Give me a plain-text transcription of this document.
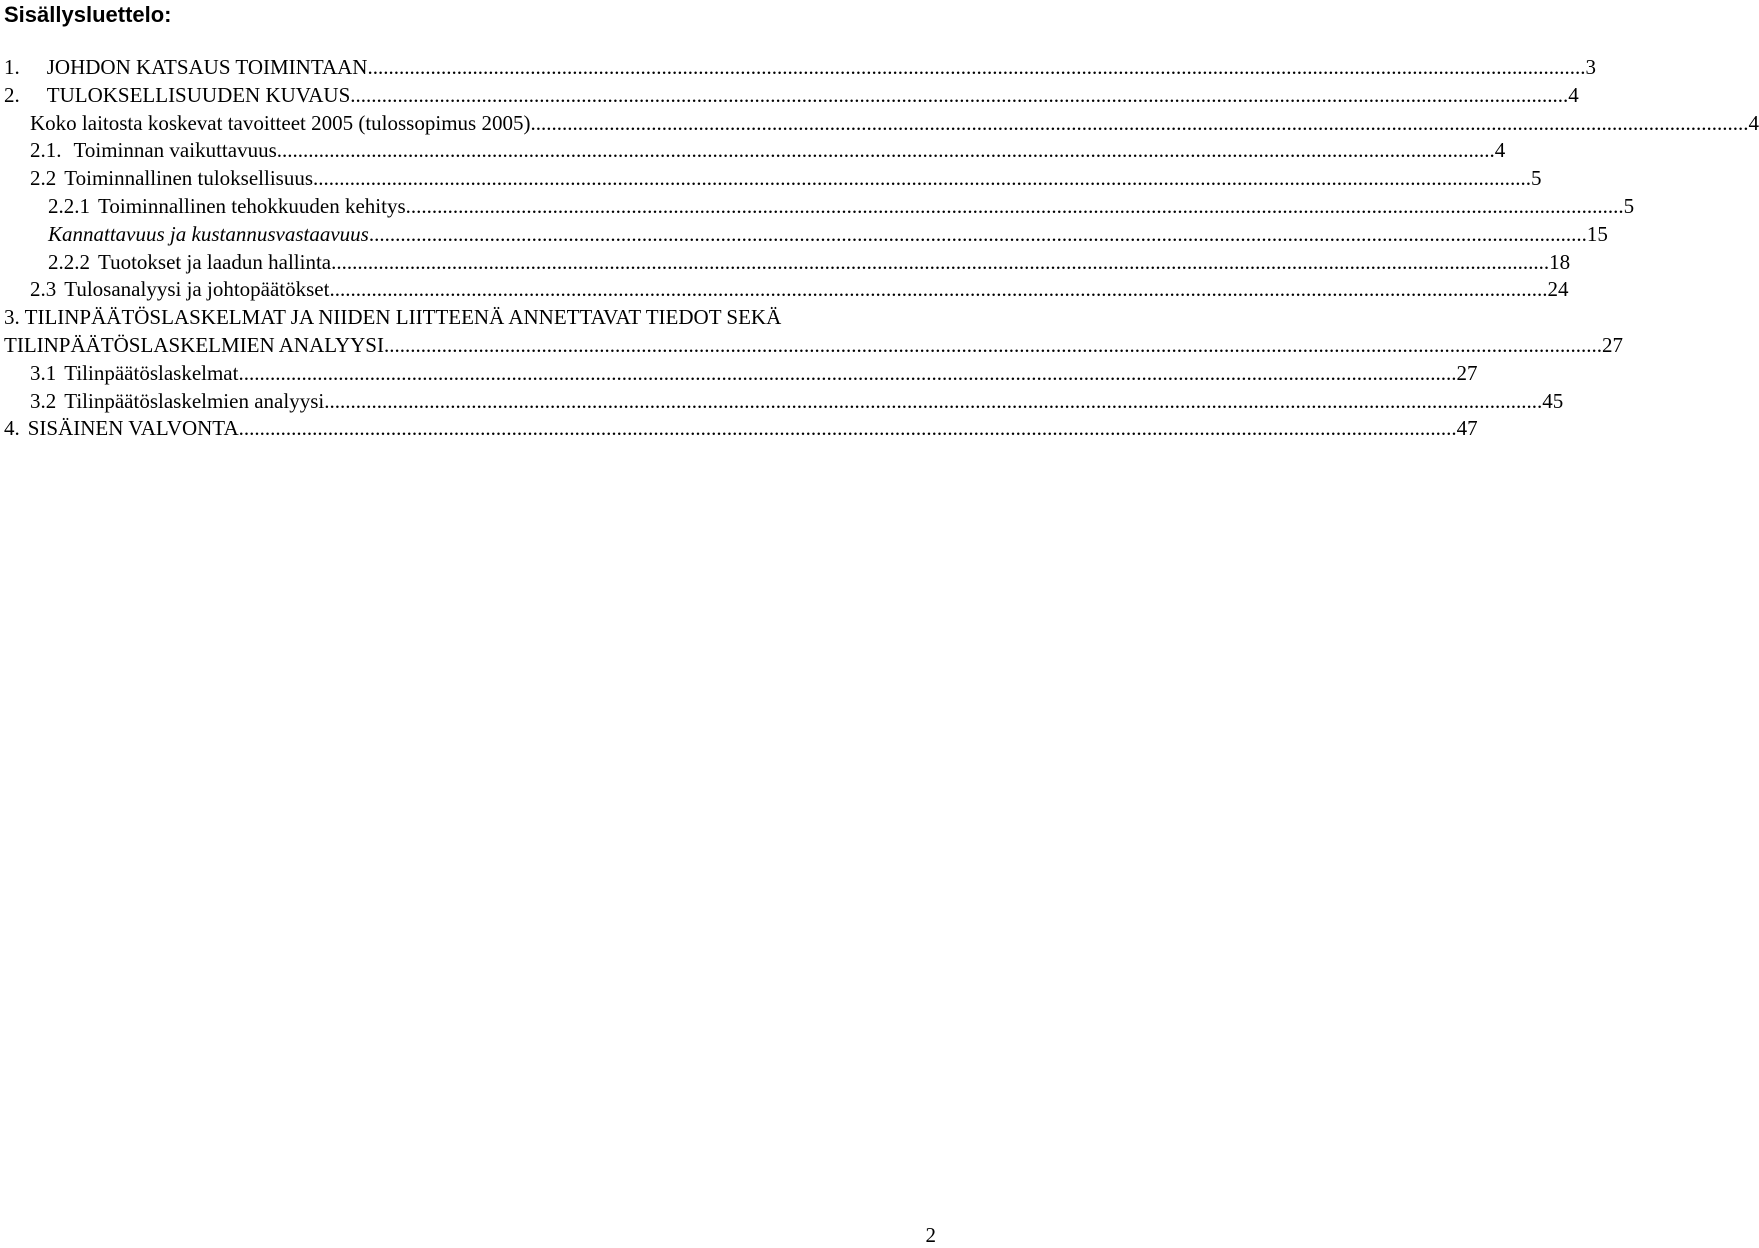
Sisällysluettelo:
1. JOHDON KATSAUS TOIMINTAAN .....	3
2. TULOKSELLISUUDEN KUVAUS .....	4
Koko laitosta koskevat tavoitteet 2005 (tulossopimus 2005) .....	4
2.1. Toiminnan vaikuttavuus .....	4
2.2 Toiminnallinen tuloksellisuus .....	5
2.2.1 Toiminnallinen tehokkuuden kehitys .....	5
Kannattavuus ja kustannusvastaavuus .....	15
2.2.2 Tuotokset ja laadun hallinta .....	18
2.3 Tulosanalyysi ja johtopäätökset .....	24
3. TILINPÄÄTÖSLASKELMAT JA NIIDEN LIITTEENÄ ANNETTAVAT TIEDOT SEKÄ
TILINPÄÄTÖSLASKELMIEN ANALYYSI .....	27
3.1 Tilinpäätöslaskelmat .....	27
3.2 Tilinpäätöslaskelmien analyysi .....	45
4. SISÄINEN VALVONTA .....	47
2
